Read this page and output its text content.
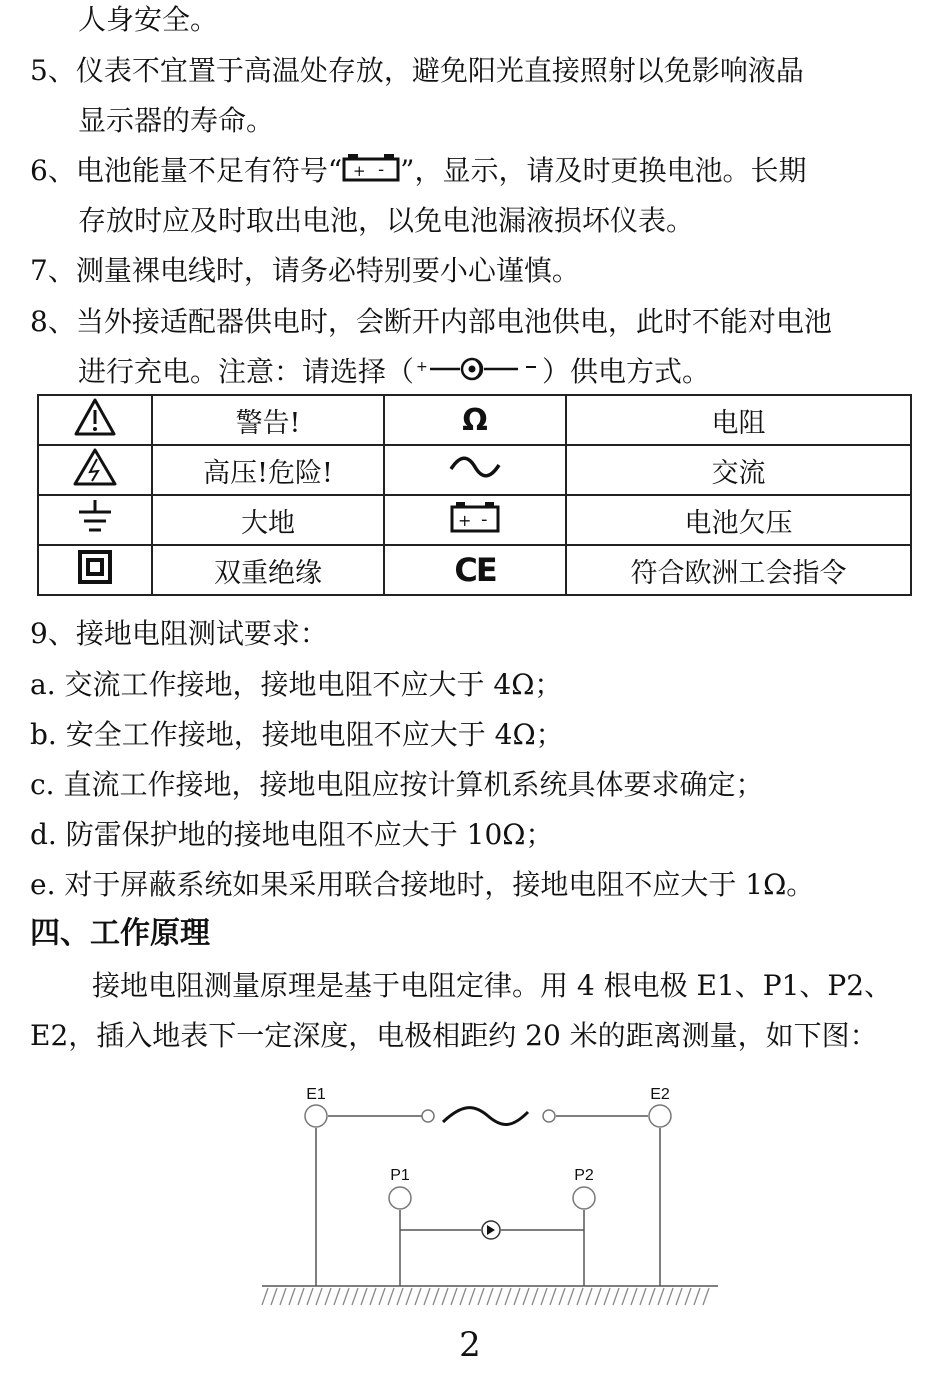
人身安全。
5、仪表不宜置于高温处存放，避免阳光直接照射以免影响液晶
显示器的寿命。
6、电池能量不足有符号“ + - ”，显示，请及时更换电池。长期
存放时应及时取出电池，以免电池漏液损坏仪表。
7、测量裸电线时，请务必特别要小心谨慎。
8、当外接适配器供电时，会断开内部电池供电，此时不能对电池
进行充电。注意：请选择（ +	）供电方式。
	警告!	Ω	电阻
	高压!危险!		交流
	大地	+ -	电池欠压
	双重绝缘	CE	符合欧洲工会指令
9、接地电阻测试要求：
a. 交流工作接地，接地电阻不应大于 4Ω；
b. 安全工作接地，接地电阻不应大于 4Ω；
c. 直流工作接地，接地电阻应按计算机系统具体要求确定；
d. 防雷保护地的接地电阻不应大于 10Ω；
e. 对于屏蔽系统如果采用联合接地时，接地电阻不应大于 1Ω。
四、工作原理
接地电阻测量原理是基于电阻定律。用 4 根电极 E1、P1、P2、
E2，插入地表下一定深度，电极相距约 20 米的距离测量，如下图：
E1	E2
P1	P2
2
